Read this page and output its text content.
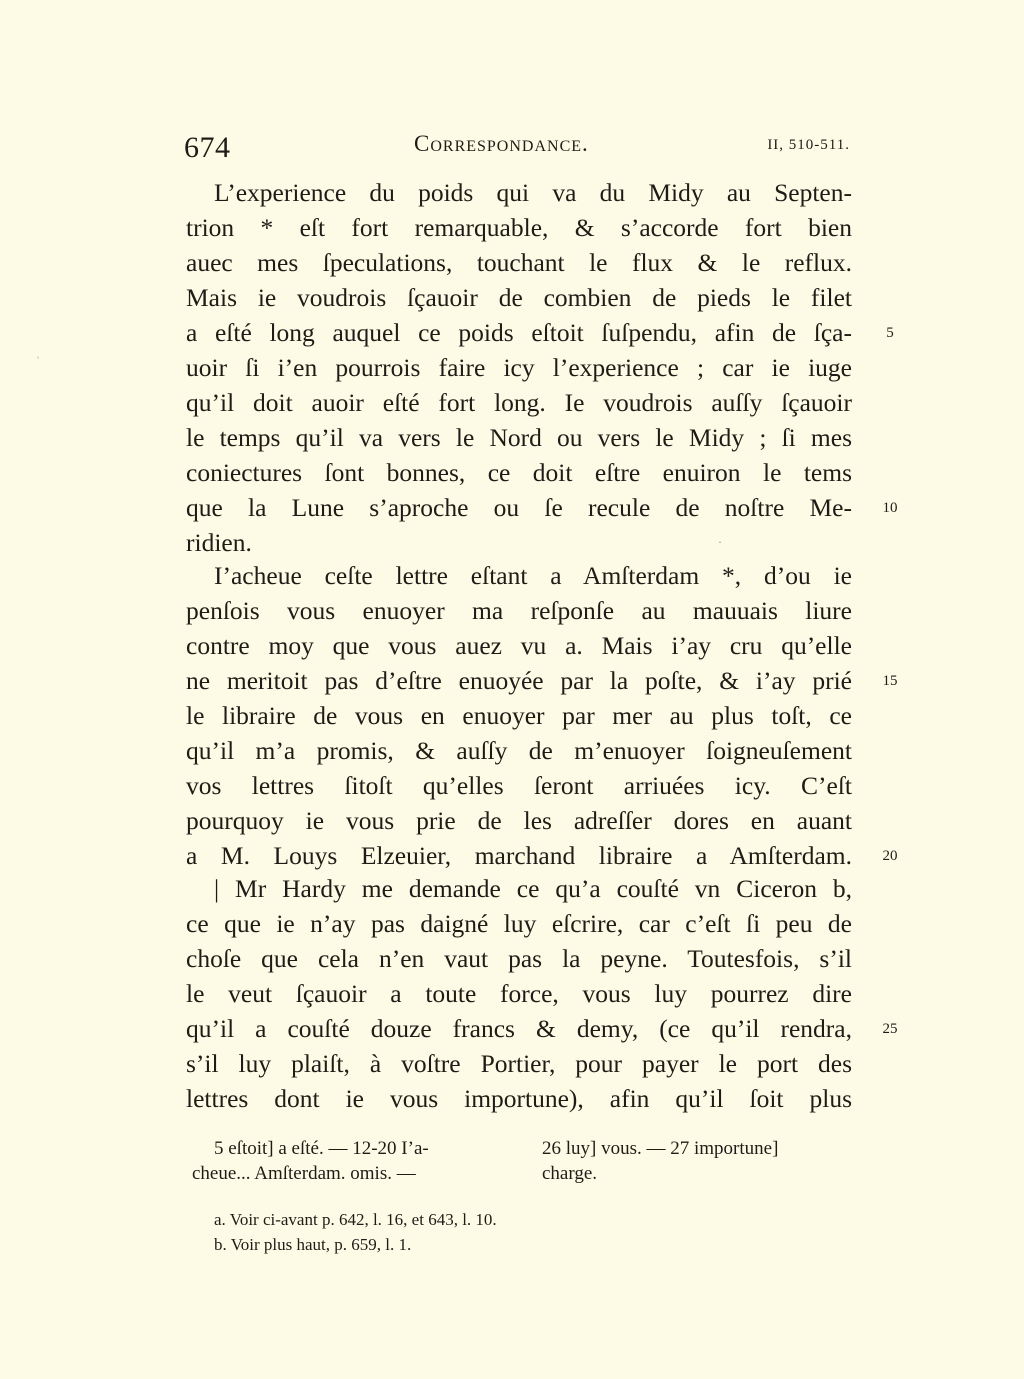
674	Correspondance.	II, 510-511.
L’experience du poids qui va du Midy au Septen-
trion * eſt fort remarquable, & s’accorde fort bien
auec mes ſpeculations, touchant le flux & le reflux.
Mais ie voudrois ſçauoir de combien de pieds le filet
a eſté long auquel ce poids eſtoit ſuſpendu, afin de ſça-
uoir ſi i’en pourrois faire icy l’experience ; car ie iuge
qu’il doit auoir eſté fort long. Ie voudrois auſſy ſçauoir
le temps qu’il va vers le Nord ou vers le Midy ; ſi mes
coniectures ſont bonnes, ce doit eſtre enuiron le tems
que la Lune s’aproche ou ſe recule de noſtre Me-
ridien.
I’acheue ceſte lettre eſtant a Amſterdam *, d’ou ie
penſois vous enuoyer ma reſponſe au mauuais liure
contre moy que vous auez vu a. Mais i’ay cru qu’elle
ne meritoit pas d’eſtre enuoyée par la poſte, & i’ay prié
le libraire de vous en enuoyer par mer au plus toſt, ce
qu’il m’a promis, & auſſy de m’enuoyer ſoigneuſement
vos lettres ſitoſt qu’elles ſeront arriuées icy. C’eſt
pourquoy ie vous prie de les adreſſer dores en auant
a M. Louys Elzeuier, marchand libraire a Amſterdam.
| Mr Hardy me demande ce qu’a couſté vn Ciceron b,
ce que ie n’ay pas daigné luy eſcrire, car c’eſt ſi peu de
choſe que cela n’en vaut pas la peyne. Toutesfois, s’il
le veut ſçauoir a toute force, vous luy pourrez dire
qu’il a couſté douze francs & demy, (ce qu’il rendra,
s’il luy plaiſt, à voſtre Portier, pour payer le port des
lettres dont ie vous importune), afin qu’il ſoit plus
5
10
15
20
25
5 eſtoit] a eſté. — 12-20 I’a-
cheue... Amſterdam. omis. —
26 luy] vous. — 27 importune]
charge.
a. Voir ci-avant p. 642, l. 16, et 643, l. 10.
b. Voir plus haut, p. 659, l. 1.
ˌ
·
